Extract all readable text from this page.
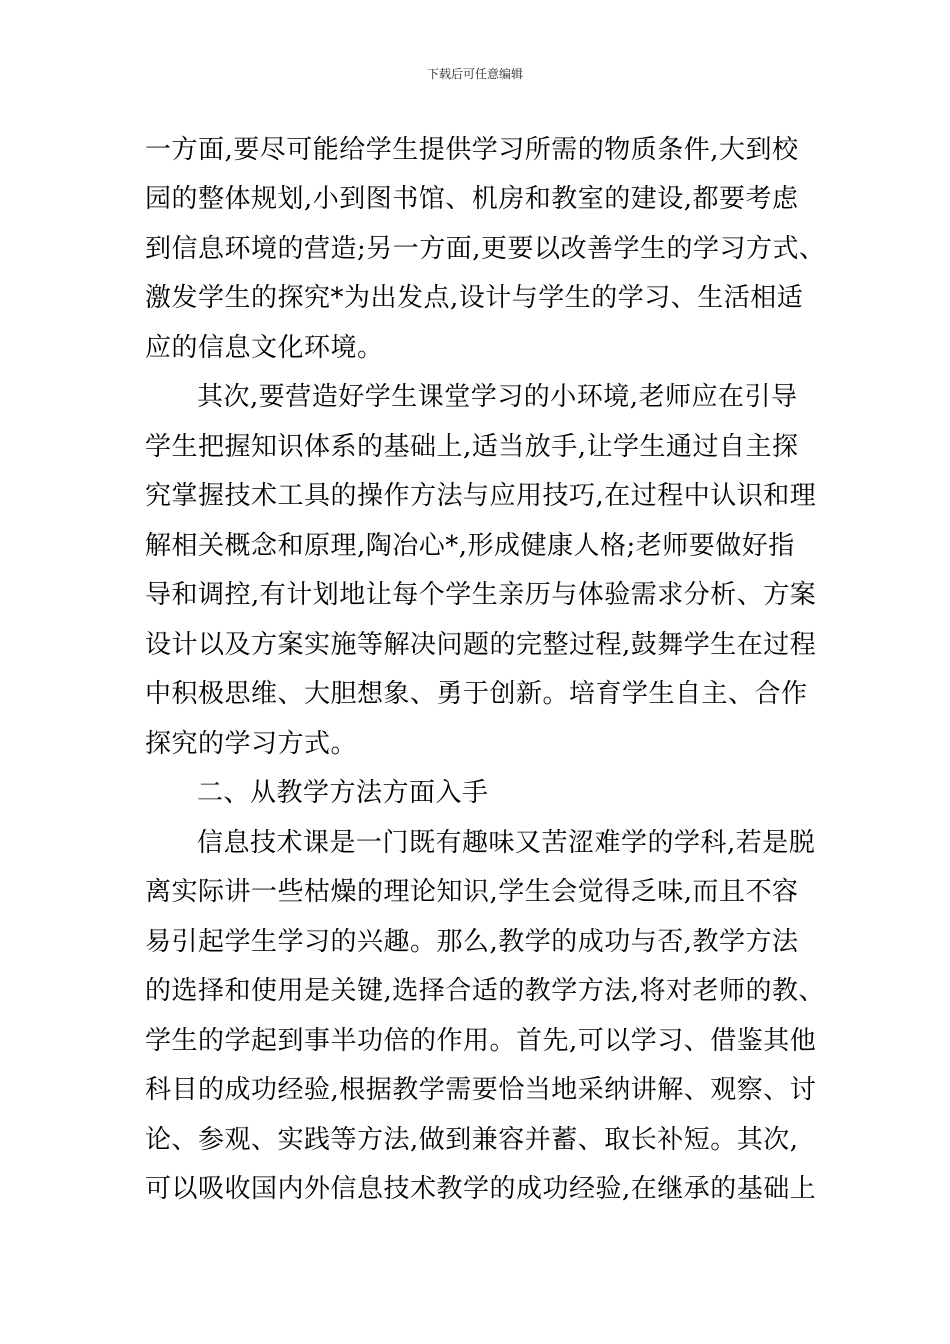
下载后可任意编辑
一方面,要尽可能给学生提供学习所需的物质条件,大到校
园的整体规划,小到图书馆、机房和教室的建设,都要考虑
到信息环境的营造;另一方面,更要以改善学生的学习方式、
激发学生的探究*为出发点,设计与学生的学习、生活相适
应的信息文化环境。
其次,要营造好学生课堂学习的小环境,老师应在引导
学生把握知识体系的基础上,适当放手,让学生通过自主探
究掌握技术工具的操作方法与应用技巧,在过程中认识和理
解相关概念和原理,陶冶心*,形成健康人格;老师要做好指
导和调控,有计划地让每个学生亲历与体验需求分析、方案
设计以及方案实施等解决问题的完整过程,鼓舞学生在过程
中积极思维、大胆想象、勇于创新。培育学生自主、合作
探究的学习方式。
二、从教学方法方面入手
信息技术课是一门既有趣味又苦涩难学的学科,若是脱
离实际讲一些枯燥的理论知识,学生会觉得乏味,而且不容
易引起学生学习的兴趣。那么,教学的成功与否,教学方法
的选择和使用是关键,选择合适的教学方法,将对老师的教、
学生的学起到事半功倍的作用。首先,可以学习、借鉴其他
科目的成功经验,根据教学需要恰当地采纳讲解、观察、讨
论、参观、实践等方法,做到兼容并蓄、取长补短。其次,
可以吸收国内外信息技术教学的成功经验,在继承的基础上
